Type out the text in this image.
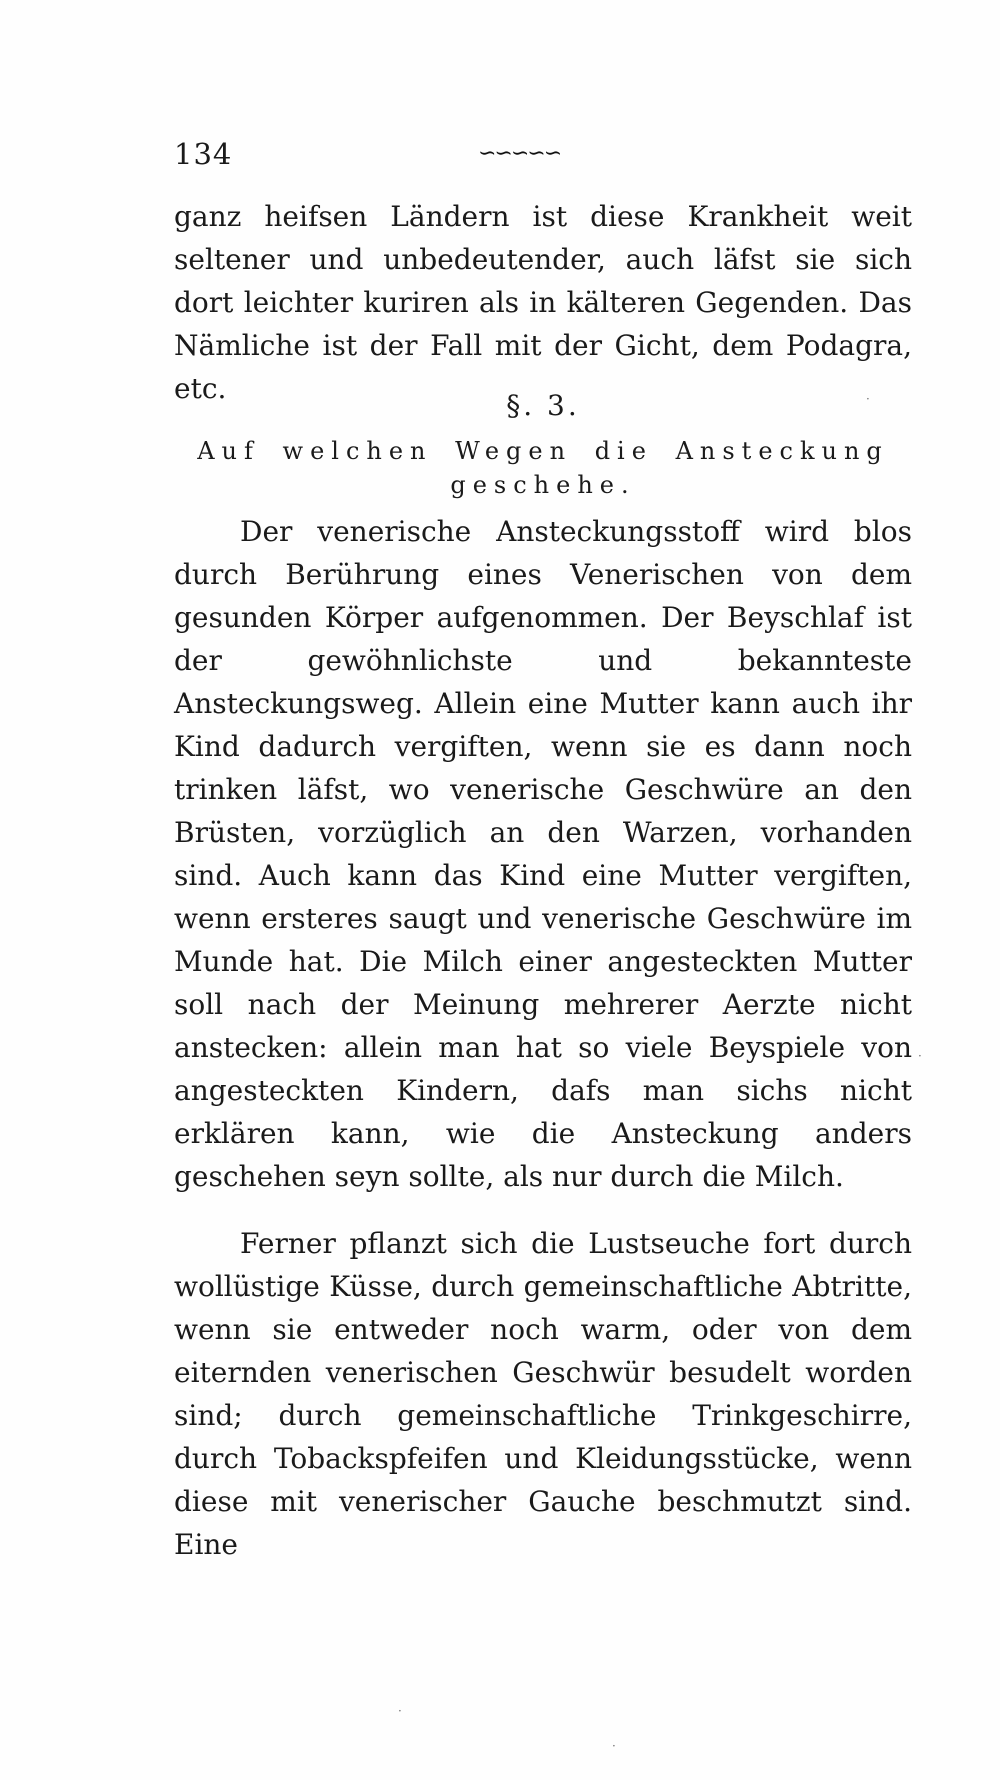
134	∽∽∽∽∽

ganz heifsen Ländern ist diese Krankheit weit seltener und unbedeutender, auch läfst sie sich dort leichter kuriren als in kälteren Gegenden. Das Nämliche ist der Fall mit der Gicht, dem Podagra, etc.

§. 3.
Auf welchen Wegen die Ansteckung geschehe.

Der venerische Ansteckungsstoff wird blos durch Berührung eines Venerischen von dem gesunden Körper aufgenommen. Der Beyschlaf ist der gewöhnlichste und bekannteste Ansteckungsweg. Allein eine Mutter kann auch ihr Kind dadurch vergiften, wenn sie es dann noch trinken läfst, wo venerische Geschwüre an den Brüsten, vorzüglich an den Warzen, vorhanden sind. Auch kann das Kind eine Mutter vergiften, wenn ersteres saugt und venerische Geschwüre im Munde hat. Die Milch einer angesteckten Mutter soll nach der Meinung mehrerer Aerzte nicht anstecken: allein man hat so viele Beyspiele von angesteckten Kindern, dafs man sichs nicht erklären kann, wie die Ansteckung anders geschehen seyn sollte, als nur durch die Milch.

Ferner pflanzt sich die Lustseuche fort durch wollüstige Küsse, durch gemeinschaftliche Abtritte, wenn sie entweder noch warm, oder von dem eiternden venerischen Geschwür besudelt worden sind; durch gemeinschaftliche Trinkgeschirre, durch Tobackspfeifen und Kleidungsstücke, wenn diese mit venerischer Gauche beschmutzt sind. Eine

·
·
·
·
